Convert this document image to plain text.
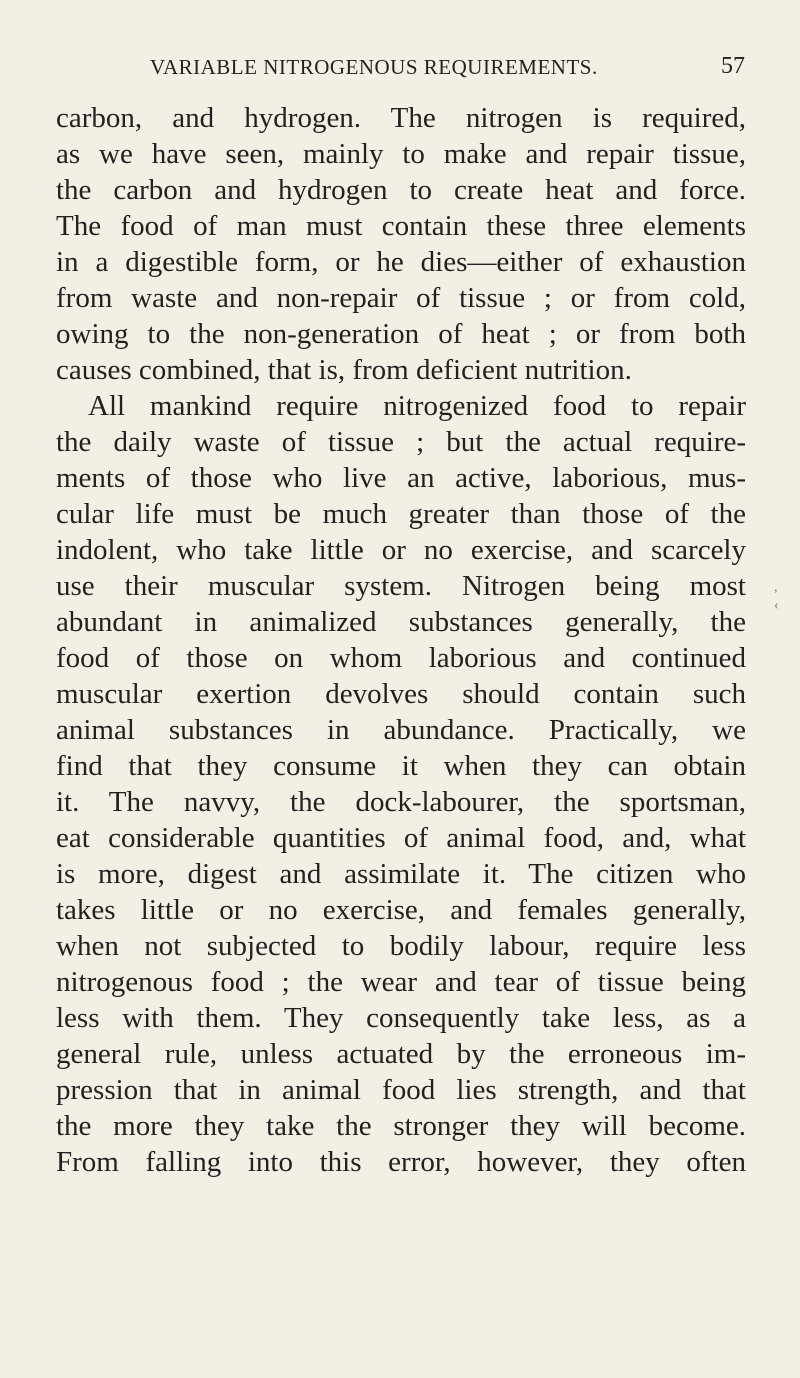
VARIABLE NITROGENOUS REQUIREMENTS.	57
carbon, and hydrogen. The nitrogen is required,
as we have seen, mainly to make and repair tissue,
the carbon and hydrogen to create heat and force.
The food of man must contain these three elements
in a digestible form, or he dies—either of exhaustion
from waste and non-repair of tissue ; or from cold,
owing to the non-generation of heat ; or from both
causes combined, that is, from deficient nutrition.
All mankind require nitrogenized food to repair
the daily waste of tissue ; but the actual require-
ments of those who live an active, laborious, mus-
cular life must be much greater than those of the
indolent, who take little or no exercise, and scarcely
use their muscular system. Nitrogen being most
abundant in animalized substances generally, the
food of those on whom laborious and continued
muscular exertion devolves should contain such
animal substances in abundance. Practically, we
find that they consume it when they can obtain
it. The navvy, the dock-labourer, the sportsman,
eat considerable quantities of animal food, and, what
is more, digest and assimilate it. The citizen who
takes little or no exercise, and females generally,
when not subjected to bodily labour, require less
nitrogenous food ; the wear and tear of tissue being
less with them. They consequently take less, as a
general rule, unless actuated by the erroneous im-
pression that in animal food lies strength, and that
the more they take the stronger they will become.
From falling into this error, however, they often
,
‹
